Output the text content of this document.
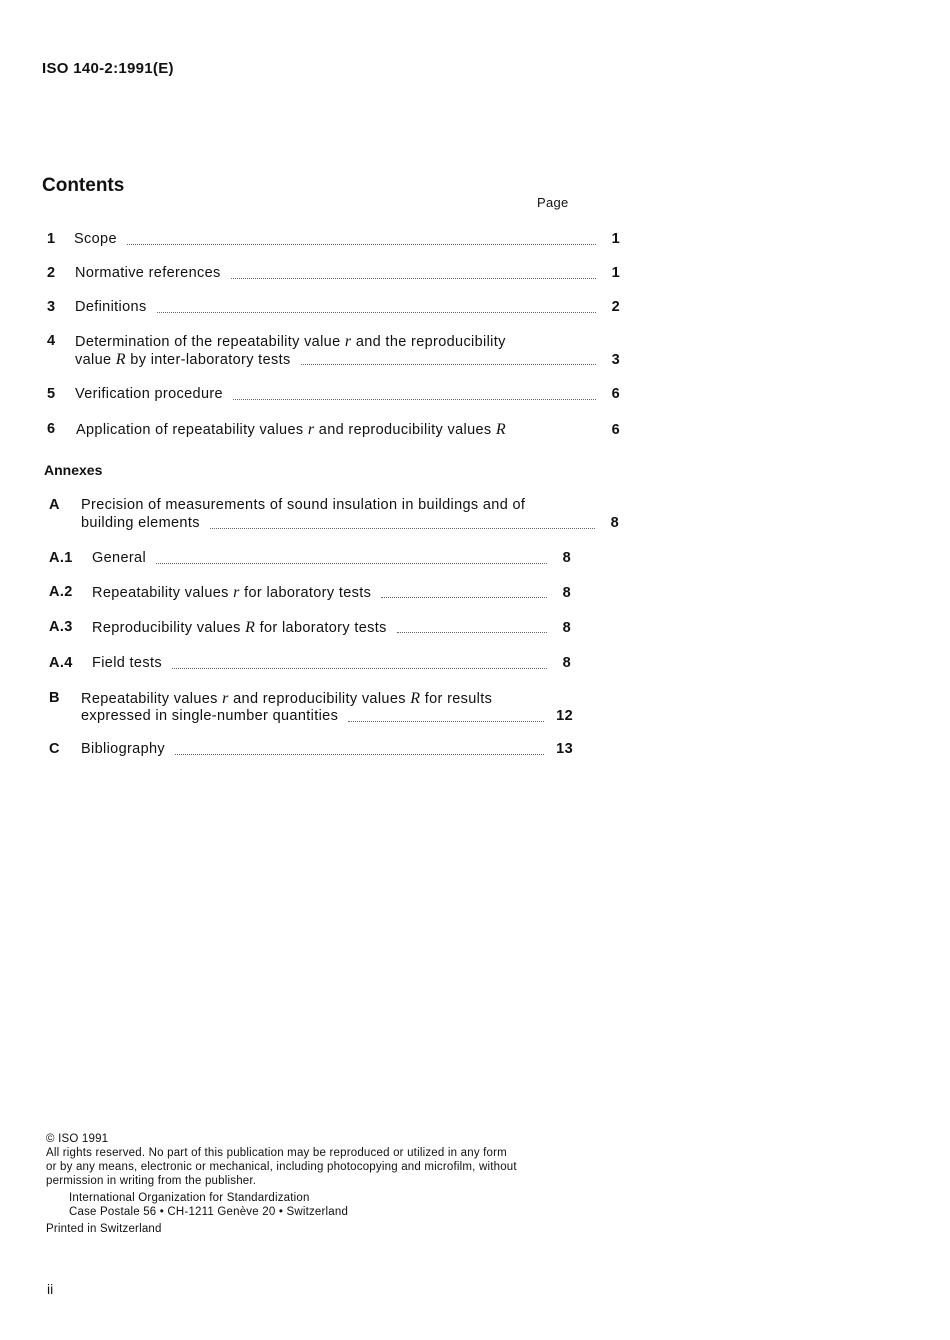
ISO 140-2:1991(E)
Contents
Page
1 Scope	1
2 Normative references	1
3 Definitions	2
4 Determination of the repeatability value r and the reproducibility
value R by inter-laboratory tests	3
5 Verification procedure	6
6 Application of repeatability values r and reproducibility values R	6
Annexes
A Precision of measurements of sound insulation in buildings and of
building elements	8
A.1 General	8
A.2 Repeatability values r for laboratory tests	8
A.3 Reproducibility values R for laboratory tests	8
A.4 Field tests	8
B Repeatability values r and reproducibility values R for results
expressed in single-number quantities	12
C Bibliography	13
© ISO 1991
All rights reserved. No part of this publication may be reproduced or utilized in any form
or by any means, electronic or mechanical, including photocopying and microfilm, without
permission in writing from the publisher.
International Organization for Standardization
Case Postale 56 • CH-1211 Genève 20 • Switzerland
Printed in Switzerland
ii
